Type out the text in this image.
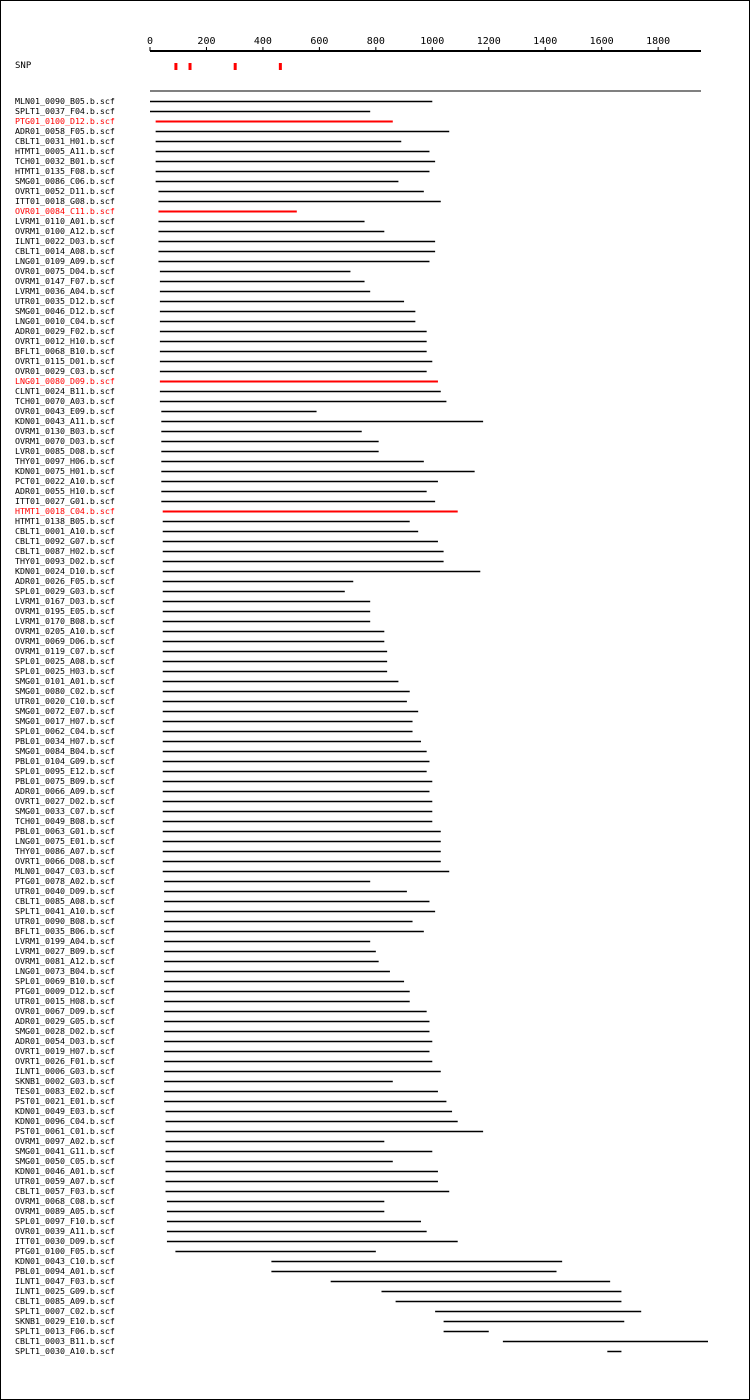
0	200	400	600	800	1000	1200	1400	1600	1800
SNP
MLN01_0090_B05.b.scf
SPLT1_0037_F04.b.scf
PTG01_0100_D12.b.scf
ADR01_0058_F05.b.scf
CBLT1_0031_H01.b.scf
HTMT1_0005_A11.b.scf
TCH01_0032_B01.b.scf
HTMT1_0135_F08.b.scf
SMG01_0086_C06.b.scf
OVRT1_0052_D11.b.scf
ITT01_0018_G08.b.scf
OVR01_0084_C11.b.scf
LVRM1_0110_A01.b.scf
OVRM1_0100_A12.b.scf
ILNT1_0022_D03.b.scf
CBLT1_0014_A08.b.scf
LNG01_0109_A09.b.scf
OVR01_0075_D04.b.scf
OVRM1_0147_F07.b.scf
LVRM1_0036_A04.b.scf
UTR01_0035_D12.b.scf
SMG01_0046_D12.b.scf
LNG01_0010_C04.b.scf
ADR01_0029_F02.b.scf
OVRT1_0012_H10.b.scf
BFLT1_0068_B10.b.scf
OVRT1_0115_D01.b.scf
OVR01_0029_C03.b.scf
LNG01_0080_D09.b.scf
CLNT1_0024_B11.b.scf
TCH01_0070_A03.b.scf
OVR01_0043_E09.b.scf
KDN01_0043_A11.b.scf
OVRM1_0130_B03.b.scf
OVRM1_0070_D03.b.scf
LVR01_0085_D08.b.scf
THY01_0097_H06.b.scf
KDN01_0075_H01.b.scf
PCT01_0022_A10.b.scf
ADR01_0055_H10.b.scf
ITT01_0027_G01.b.scf
HTMT1_0018_C04.b.scf
HTMT1_0138_B05.b.scf
CBLT1_0001_A10.b.scf
CBLT1_0092_G07.b.scf
CBLT1_0087_H02.b.scf
THY01_0093_D02.b.scf
KDN01_0024_D10.b.scf
ADR01_0026_F05.b.scf
SPL01_0029_G03.b.scf
LVRM1_0167_D03.b.scf
OVRM1_0195_E05.b.scf
LVRM1_0170_B08.b.scf
OVRM1_0205_A10.b.scf
OVRM1_0069_D06.b.scf
OVRM1_0119_C07.b.scf
SPL01_0025_A08.b.scf
SPL01_0025_H03.b.scf
SMG01_0101_A01.b.scf
SMG01_0080_C02.b.scf
UTR01_0020_C10.b.scf
SMG01_0072_E07.b.scf
SMG01_0017_H07.b.scf
SPL01_0062_C04.b.scf
PBL01_0034_H07.b.scf
SMG01_0084_B04.b.scf
PBL01_0104_G09.b.scf
SPL01_0095_E12.b.scf
PBL01_0075_B09.b.scf
ADR01_0066_A09.b.scf
OVRT1_0027_D02.b.scf
SMG01_0033_C07.b.scf
TCH01_0049_B08.b.scf
PBL01_0063_G01.b.scf
LNG01_0075_E01.b.scf
THY01_0086_A07.b.scf
OVRT1_0066_D08.b.scf
MLN01_0047_C03.b.scf
PTG01_0078_A02.b.scf
UTR01_0040_D09.b.scf
CBLT1_0085_A08.b.scf
SPLT1_0041_A10.b.scf
UTR01_0090_B08.b.scf
BFLT1_0035_B06.b.scf
LVRM1_0199_A04.b.scf
LVRM1_0027_B09.b.scf
OVRM1_0081_A12.b.scf
LNG01_0073_B04.b.scf
SPL01_0069_B10.b.scf
PTG01_0009_D12.b.scf
UTR01_0015_H08.b.scf
OVR01_0067_D09.b.scf
ADR01_0029_G05.b.scf
SMG01_0028_D02.b.scf
ADR01_0054_D03.b.scf
OVRT1_0019_H07.b.scf
OVRT1_0026_F01.b.scf
ILNT1_0006_G03.b.scf
SKNB1_0002_G03.b.scf
TES01_0083_E02.b.scf
PST01_0021_E01.b.scf
KDN01_0049_E03.b.scf
KDN01_0096_C04.b.scf
PST01_0061_C01.b.scf
OVRM1_0097_A02.b.scf
SMG01_0041_G11.b.scf
SMG01_0050_C05.b.scf
KDN01_0046_A01.b.scf
UTR01_0059_A07.b.scf
CBLT1_0057_F03.b.scf
OVRM1_0068_C08.b.scf
OVRM1_0089_A05.b.scf
SPL01_0097_F10.b.scf
OVR01_0039_A11.b.scf
ITT01_0030_D09.b.scf
PTG01_0100_F05.b.scf
KDN01_0043_C10.b.scf
PBL01_0094_A01.b.scf
ILNT1_0047_F03.b.scf
ILNT1_0025_G09.b.scf
CBLT1_0085_A09.b.scf
SPLT1_0007_C02.b.scf
SKNB1_0029_E10.b.scf
SPLT1_0013_F06.b.scf
CBLT1_0003_B11.b.scf
SPLT1_0030_A10.b.scf
